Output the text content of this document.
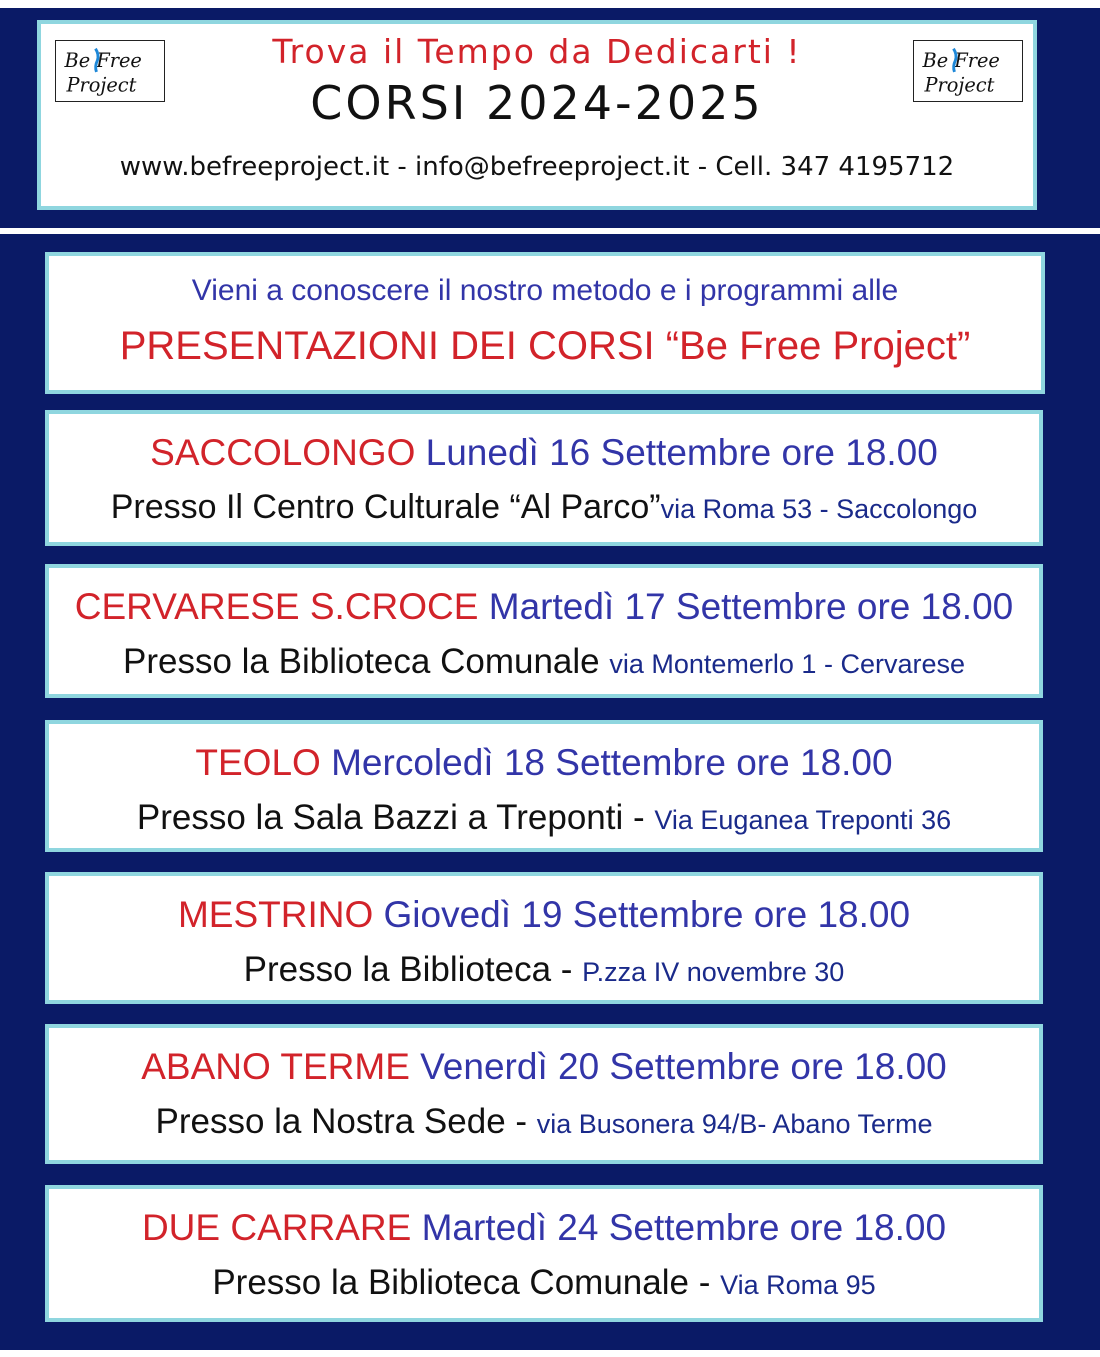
Be Free
Project
Be Free
Project
Trova il Tempo da Dedicarti !
CORSI 2024-2025
www.befreeproject.it - info@befreeproject.it - Cell. 347 4195712
Vieni a conoscere il nostro metodo e i programmi alle
PRESENTAZIONI DEI CORSI “Be Free Project”
SACCOLONGO Lunedì 16 Settembre ore 18.00
Presso Il Centro Culturale “Al Parco”via Roma 53 - Saccolongo
CERVARESE S.CROCE Martedì 17 Settembre ore 18.00
Presso la Biblioteca Comunale via Montemerlo 1 - Cervarese
TEOLO Mercoledì 18 Settembre ore 18.00
Presso la Sala Bazzi a Treponti - Via Euganea Treponti 36
MESTRINO Giovedì 19 Settembre ore 18.00
Presso la Biblioteca - P.zza IV novembre 30
ABANO TERME Venerdì 20 Settembre ore 18.00
Presso la Nostra Sede - via Busonera 94/B- Abano Terme
DUE CARRARE Martedì 24 Settembre ore 18.00
Presso la Biblioteca Comunale - Via Roma 95
